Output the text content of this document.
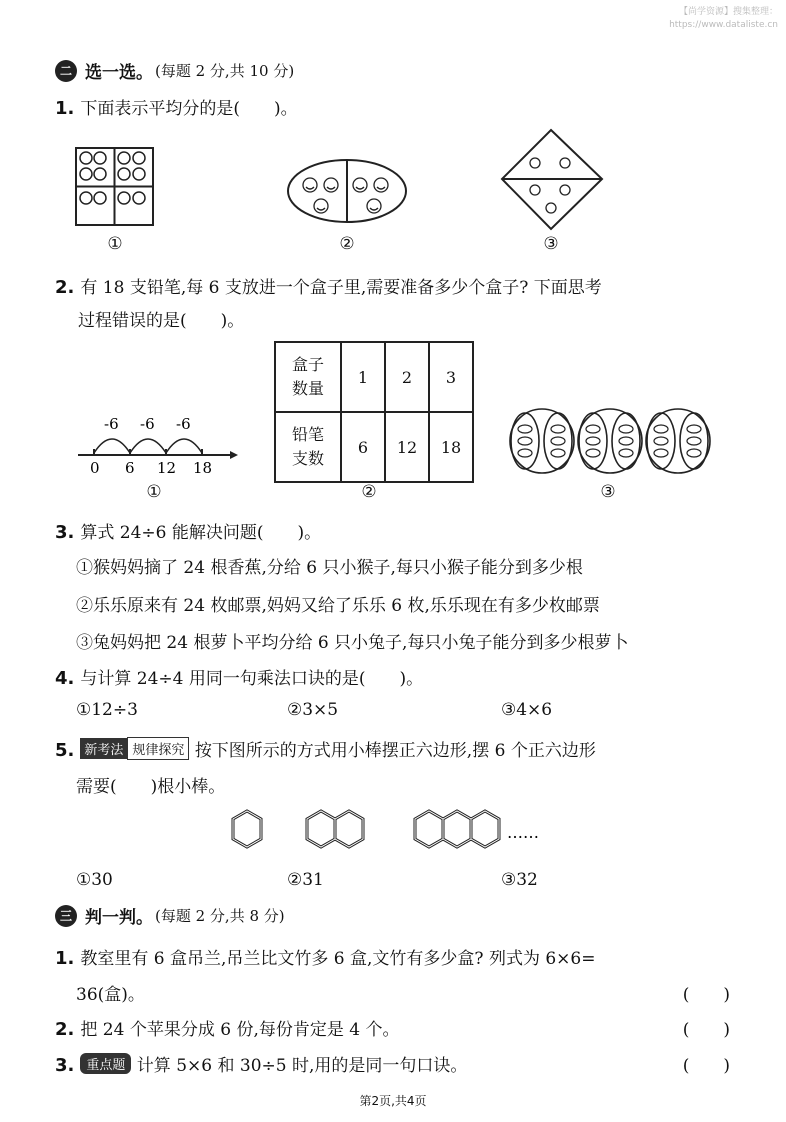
【尚学资源】搜集整理：
https://www.dataliste.cn
二 选一选。 (每题 2 分,共 10 分)
1. 下面表示平均分的是(　　)。
①	②	③
2. 有 18 支铅笔,每 6 支放进一个盒子里,需要准备多少个盒子? 下面思考
过程错误的是(　　)。
-6 -6 -6
0 6 12 18
盒子
数量	1	2	3
铅笔
支数	6	12	18
①	②	③
3. 算式 24÷6 能解决问题(　　)。
①猴妈妈摘了 24 根香蕉,分给 6 只小猴子,每只小猴子能分到多少根
②乐乐原来有 24 枚邮票,妈妈又给了乐乐 6 枚,乐乐现在有多少枚邮票
③兔妈妈把 24 根萝卜平均分给 6 只小兔子,每只小兔子能分到多少根萝卜
4. 与计算 24÷4 用同一句乘法口诀的是(　　)。
①12÷3	②3×5	③4×6
5. 新考法 规律探究 按下图所示的方式用小棒摆正六边形,摆 6 个正六边形
需要(　　)根小棒。
……
①30	②31	③32
三 判一判。 (每题 2 分,共 8 分)
1. 教室里有 6 盒吊兰,吊兰比文竹多 6 盒,文竹有多少盒? 列式为 6×6=
36(盒)。	(　　)
2. 把 24 个苹果分成 6 份,每份肯定是 4 个。	(　　)
3. 重点题 计算 5×6 和 30÷5 时,用的是同一句口诀。	(　　)
第2页,共4页
